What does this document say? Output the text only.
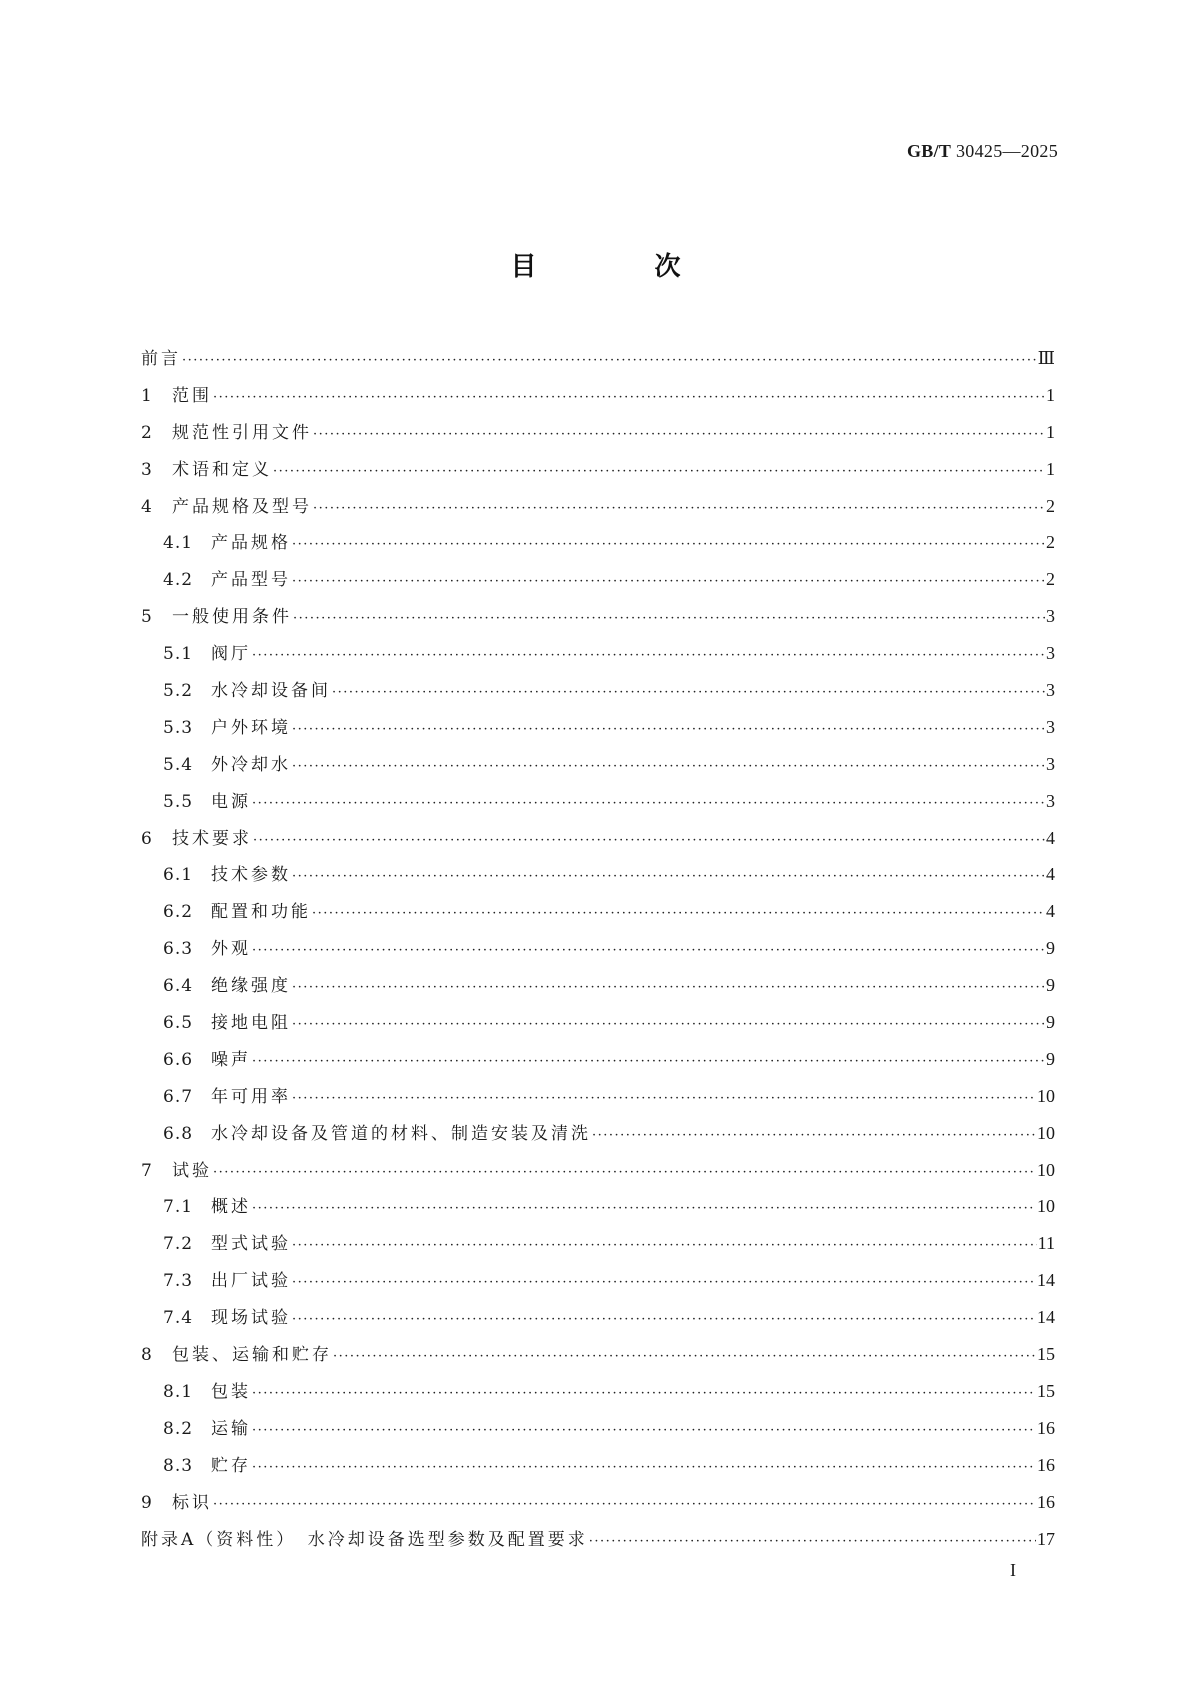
GB/T 30425—2025
目　次
前言 ·····	Ⅲ
1	范围 ·····	1
2	规范性引用文件 ·····	1
3	术语和定义 ·····	1
4	产品规格及型号 ·····	2
4.1	产品规格 ·····	2
4.2	产品型号 ·····	2
5	一般使用条件 ·····	3
5.1	阀厅 ·····	3
5.2	水冷却设备间 ·····	3
5.3	户外环境 ·····	3
5.4	外冷却水 ·····	3
5.5	电源 ·····	3
6	技术要求 ·····	4
6.1	技术参数 ·····	4
6.2	配置和功能 ·····	4
6.3	外观 ·····	9
6.4	绝缘强度 ·····	9
6.5	接地电阻 ·····	9
6.6	噪声 ·····	9
6.7	年可用率 ·····	10
6.8	水冷却设备及管道的材料、制造安装及清洗 ·····	10
7	试验 ·····	10
7.1	概述 ·····	10
7.2	型式试验 ·····	11
7.3	出厂试验 ·····	14
7.4	现场试验 ·····	14
8	包装、运输和贮存 ·····	15
8.1	包装 ·····	15
8.2	运输 ·····	16
8.3	贮存 ·····	16
9	标识 ·····	16
附录A（资料性）　水冷却设备选型参数及配置要求 ·····	17
I
